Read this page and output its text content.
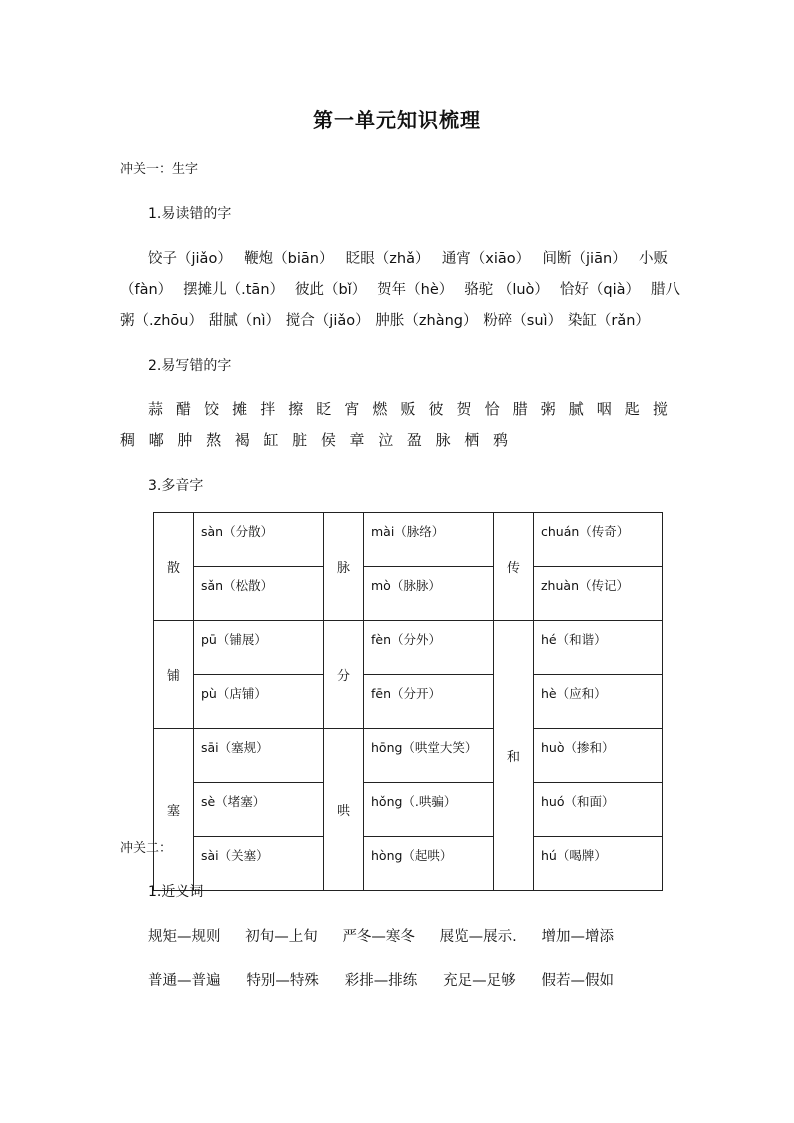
第一单元知识梳理
冲关一：生字
1.易读错的字
饺子（jiǎo） 鞭炮（biān） 眨眼（zhǎ） 通宵（xiāo） 间断（jiān） 小贩
（fàn） 摆摊儿（.tān） 彼此（bǐ） 贺年（hè） 骆驼 （luò） 恰好（qià） 腊八
粥（.zhōu） 甜腻（nì） 搅合（jiǎo） 肿胀（zhàng） 粉碎（suì） 染缸（rǎn）
2.易写错的字
蒜 醋 饺 摊 拌 擦 眨 宵 燃 贩 彼 贺 恰 腊 粥 腻 咽 匙 搅
稠 嘟 肿 熬 褐 缸 脏 侯 章 泣 盈 脉 栖 鸦
3.多音字
散	sàn（分散）	脉	mài（脉络）	传	chuán（传奇）
	sǎn（松散）		mò（脉脉）		zhuàn（传记）
铺	pū（铺展）	分	fèn（分外）	和	hé（和谐）
	pù（店铺）		fēn（分开）		hè（应和）
塞	sāi（塞规）	哄	hōng（哄堂大笑）		huò（掺和）
	sè（堵塞）		hǒng（.哄骗）		huó（和面）
	sài（关塞）		hòng（起哄）		hú（喝牌）
冲关二：
1.近义词
规矩—规则 初旬—上旬 严冬—寒冬 展览—展示. 增加—增添
普通—普遍 特别—特殊 彩排—排练 充足—足够 假若—假如
